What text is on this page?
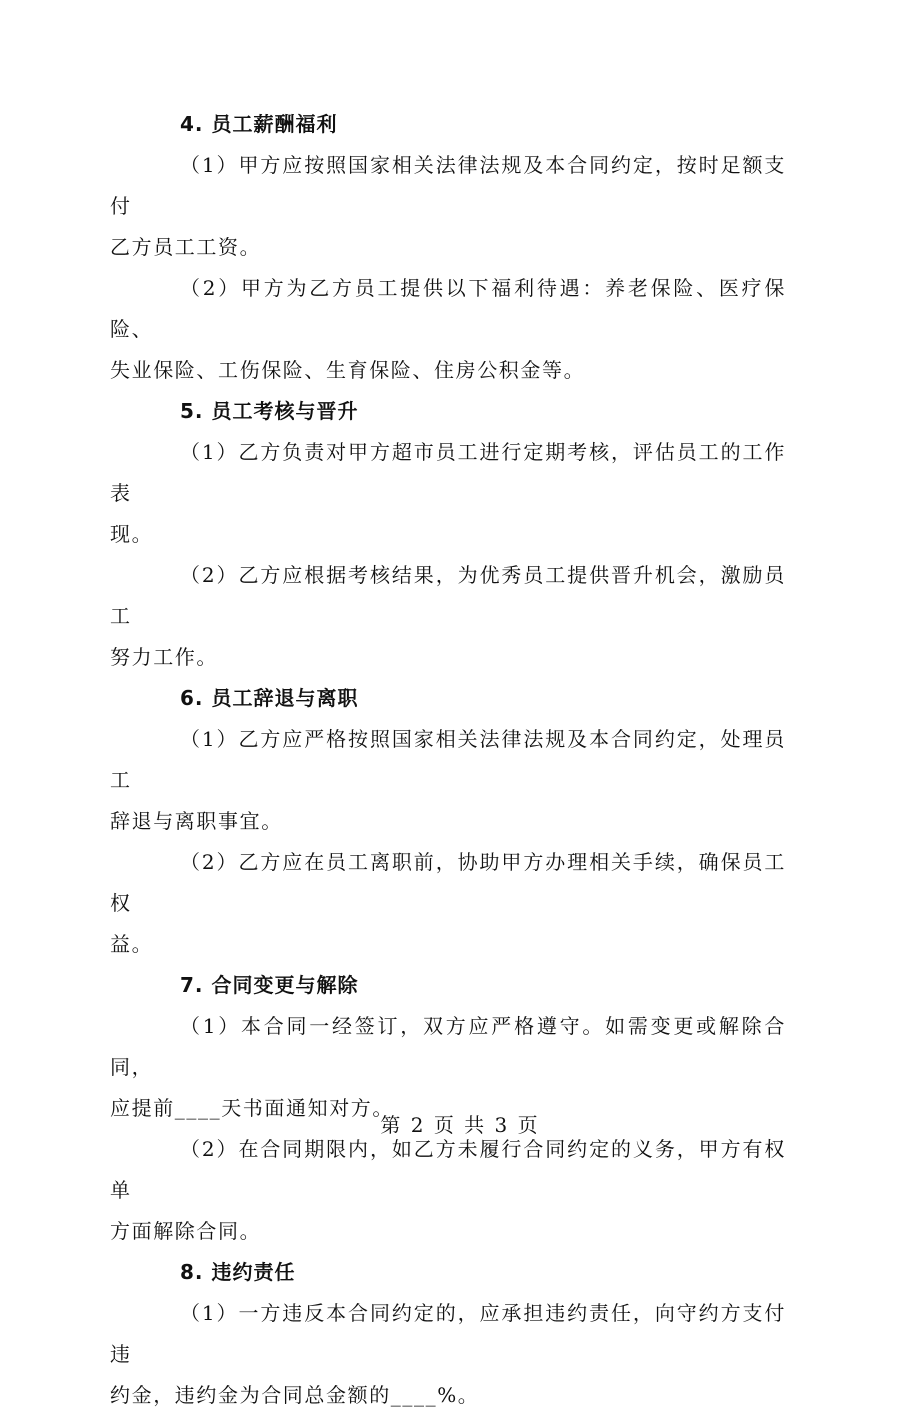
4. 员工薪酬福利

（1）甲方应按照国家相关法律法规及本合同约定，按时足额支付
乙方员工工资。

（2）甲方为乙方员工提供以下福利待遇：养老保险、医疗保险、
失业保险、工伤保险、生育保险、住房公积金等。

5. 员工考核与晋升

（1）乙方负责对甲方超市员工进行定期考核，评估员工的工作表
现。

（2）乙方应根据考核结果，为优秀员工提供晋升机会，激励员工
努力工作。

6. 员工辞退与离职

（1）乙方应严格按照国家相关法律法规及本合同约定，处理员工
辞退与离职事宜。

（2）乙方应在员工离职前，协助甲方办理相关手续，确保员工权
益。

7. 合同变更与解除

（1）本合同一经签订，双方应严格遵守。如需变更或解除合同，
应提前____天书面通知对方。

（2）在合同期限内，如乙方未履行合同约定的义务，甲方有权单
方面解除合同。

8. 违约责任

（1）一方违反本合同约定的，应承担违约责任，向守约方支付违
约金，违约金为合同总金额的____%。

第 2 页 共 3 页
